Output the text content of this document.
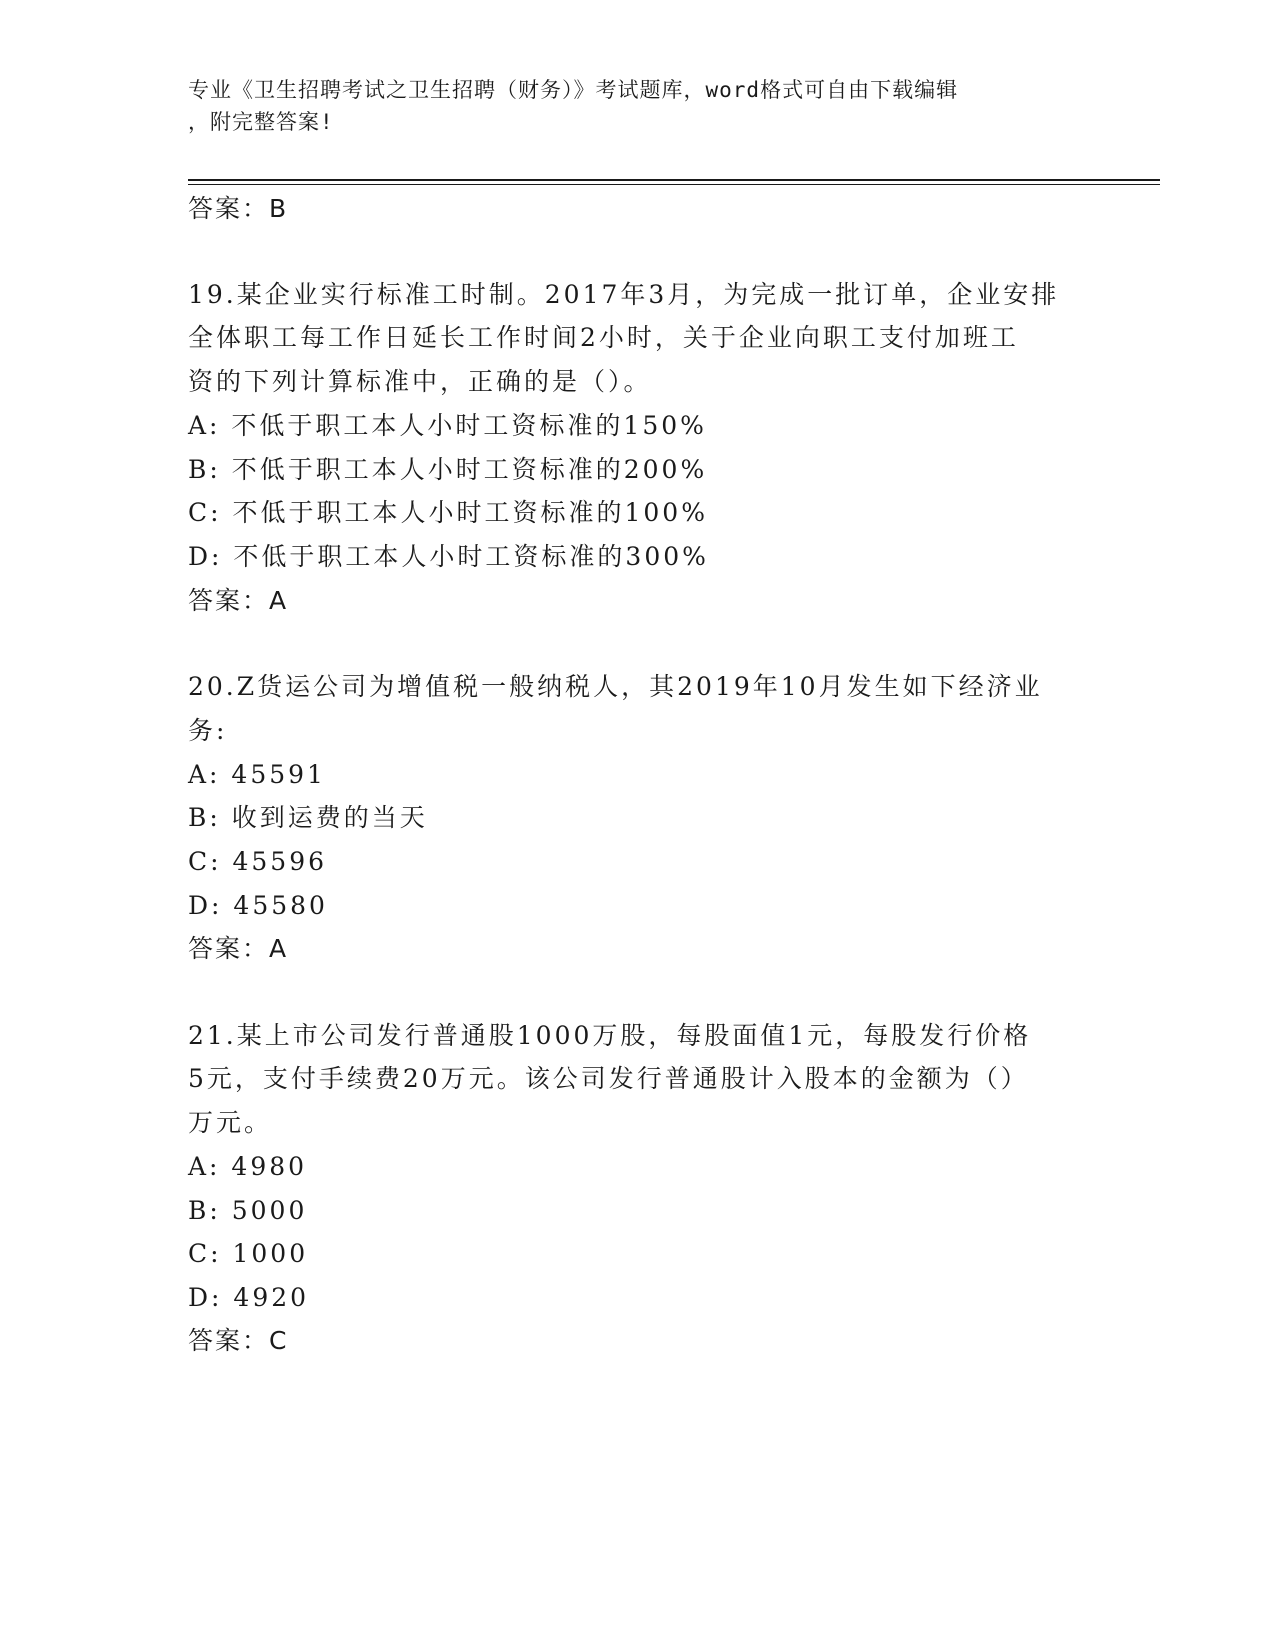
专业《卫生招聘考试之卫生招聘（财务）》考试题库，word格式可自由下载编辑
，附完整答案!
答案：B
19.某企业实行标准工时制。2017年3月，为完成一批订单，企业安排
全体职工每工作日延长工作时间2小时，关于企业向职工支付加班工
资的下列计算标准中，正确的是（）。
A: 不低于职工本人小时工资标准的150%
B: 不低于职工本人小时工资标准的200%
C: 不低于职工本人小时工资标准的100%
D: 不低于职工本人小时工资标准的300%
答案：A
20.Z货运公司为增值税一般纳税人，其2019年10月发生如下经济业
务:
A: 45591
B: 收到运费的当天
C: 45596
D: 45580
答案：A
21.某上市公司发行普通股1000万股，每股面值1元，每股发行价格
5元，支付手续费20万元。该公司发行普通股计入股本的金额为（）
万元。
A: 4980
B: 5000
C: 1000
D: 4920
答案：C
